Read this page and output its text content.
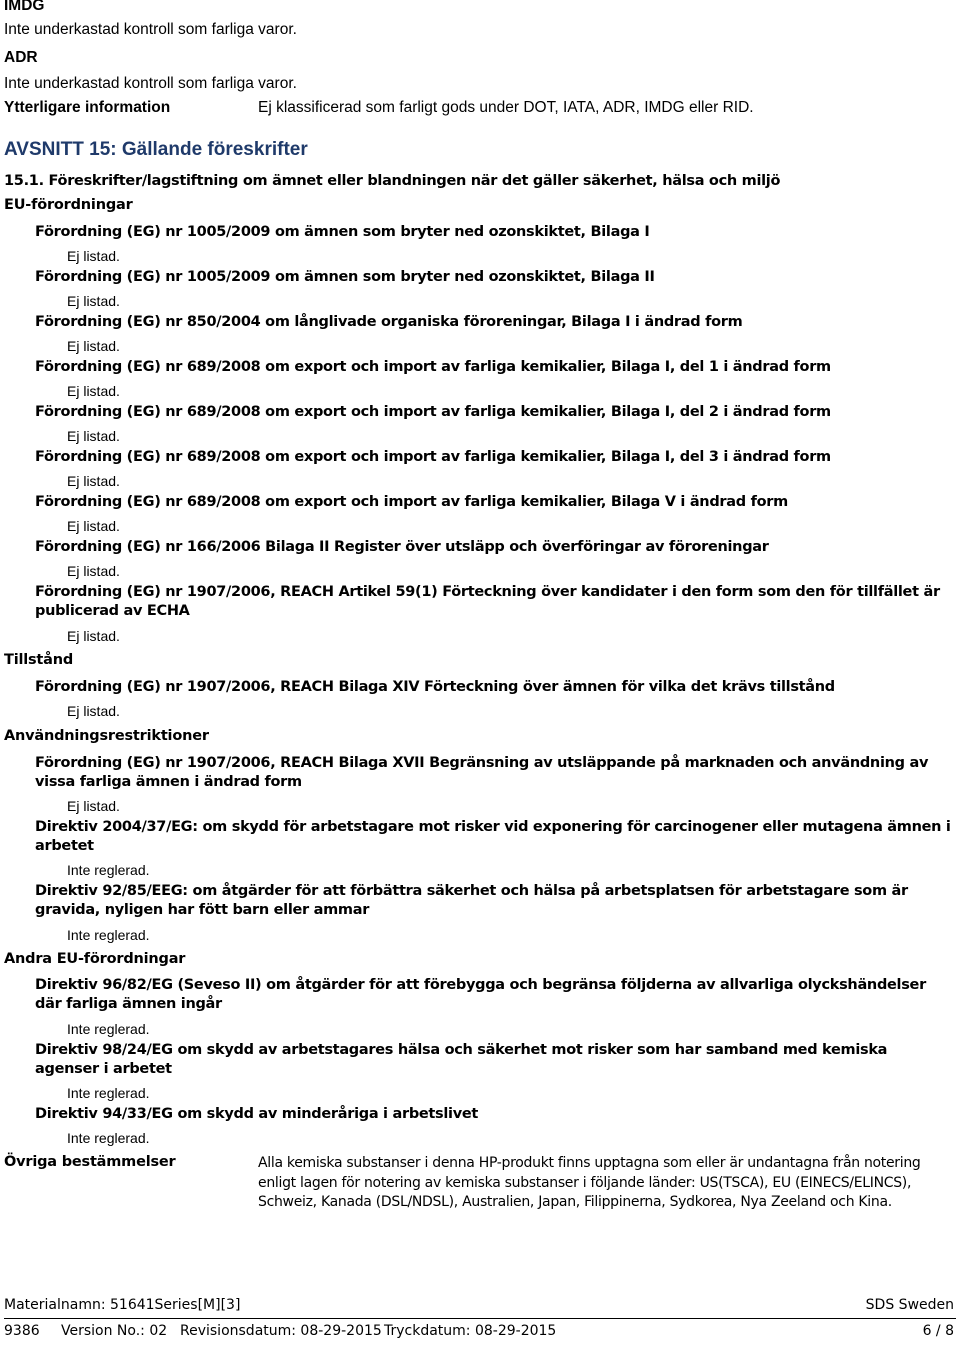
IMDG
Inte underkastad kontroll som farliga varor.
ADR
Inte underkastad kontroll som farliga varor.
Ytterligare information	Ej klassificerad som farligt gods under DOT, IATA, ADR, IMDG eller RID.
AVSNITT 15: Gällande föreskrifter
15.1. Föreskrifter/lagstiftning om ämnet eller blandningen när det gäller säkerhet, hälsa och miljö
EU-förordningar
Förordning (EG) nr 1005/2009 om ämnen som bryter ned ozonskiktet, Bilaga I
Ej listad.
Förordning (EG) nr 1005/2009 om ämnen som bryter ned ozonskiktet, Bilaga II
Ej listad.
Förordning (EG) nr 850/2004 om långlivade organiska föroreningar, Bilaga I i ändrad form
Ej listad.
Förordning (EG) nr 689/2008 om export och import av farliga kemikalier, Bilaga I, del 1 i ändrad form
Ej listad.
Förordning (EG) nr 689/2008 om export och import av farliga kemikalier, Bilaga I, del 2 i ändrad form
Ej listad.
Förordning (EG) nr 689/2008 om export och import av farliga kemikalier, Bilaga I, del 3 i ändrad form
Ej listad.
Förordning (EG) nr 689/2008 om export och import av farliga kemikalier, Bilaga V i ändrad form
Ej listad.
Förordning (EG) nr 166/2006 Bilaga II Register över utsläpp och överföringar av föroreningar
Ej listad.
Förordning (EG) nr 1907/2006, REACH Artikel 59(1) Förteckning över kandidater i den form som den för tillfället är publicerad av ECHA
Ej listad.
Tillstånd
Förordning (EG) nr 1907/2006, REACH Bilaga XIV Förteckning över ämnen för vilka det krävs tillstånd
Ej listad.
Användningsrestriktioner
Förordning (EG) nr 1907/2006, REACH Bilaga XVII Begränsning av utsläppande på marknaden och användning av vissa farliga ämnen i ändrad form
Ej listad.
Direktiv 2004/37/EG: om skydd för arbetstagare mot risker vid exponering för carcinogener eller mutagena ämnen i arbetet
Inte reglerad.
Direktiv 92/85/EEG: om åtgärder för att förbättra säkerhet och hälsa på arbetsplatsen för arbetstagare som är gravida, nyligen har fött barn eller ammar
Inte reglerad.
Andra EU-förordningar
Direktiv 96/82/EG (Seveso II) om åtgärder för att förebygga och begränsa följderna av allvarliga olyckshändelser där farliga ämnen ingår
Inte reglerad.
Direktiv 98/24/EG om skydd av arbetstagares hälsa och säkerhet mot risker som har samband med kemiska agenser i arbetet
Inte reglerad.
Direktiv 94/33/EG om skydd av minderåriga i arbetslivet
Inte reglerad.
Övriga bestämmelser	Alla kemiska substanser i denna HP-produkt finns upptagna som eller är undantagna från notering enligt lagen för notering av kemiska substanser i följande länder: US(TSCA), EU (EINECS/ELINCS), Schweiz, Kanada (DSL/NDSL), Australien, Japan, Filippinerna, Sydkorea, Nya Zeeland och Kina.
Materialnamn: 51641Series[M][3]	SDS Sweden
9386 Version No.: 02 Revisionsdatum: 08-29-2015 Tryckdatum: 08-29-2015	6 / 8
